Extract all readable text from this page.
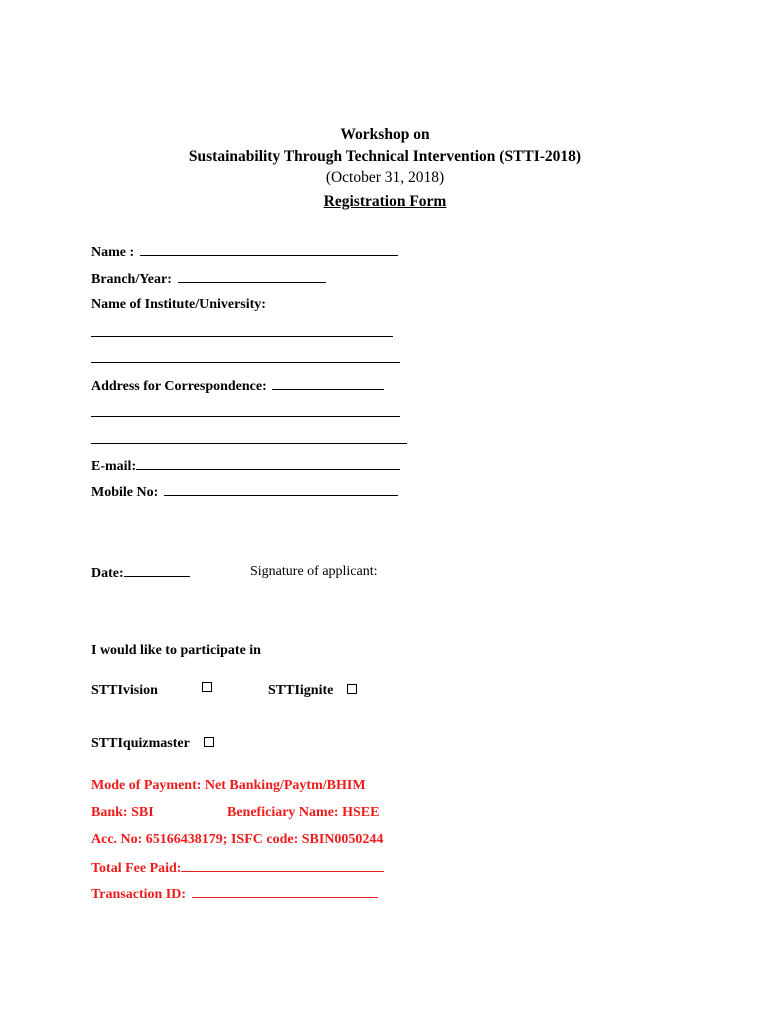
Workshop on
Sustainability Through Technical Intervention (STTI-2018)
(October 31, 2018)
Registration Form
Name :
Branch/Year:
Name of Institute/University:
Address for Correspondence:
E-mail:
Mobile No:
Date:	Signature of applicant:
I would like to participate in
STTIvision	STTIignite
STTIquizmaster
Mode of Payment: Net Banking/Paytm/BHIM
Bank: SBI	Beneficiary Name: HSEE
Acc. No: 65166438179; ISFC code: SBIN0050244
Total Fee Paid:
Transaction ID:
